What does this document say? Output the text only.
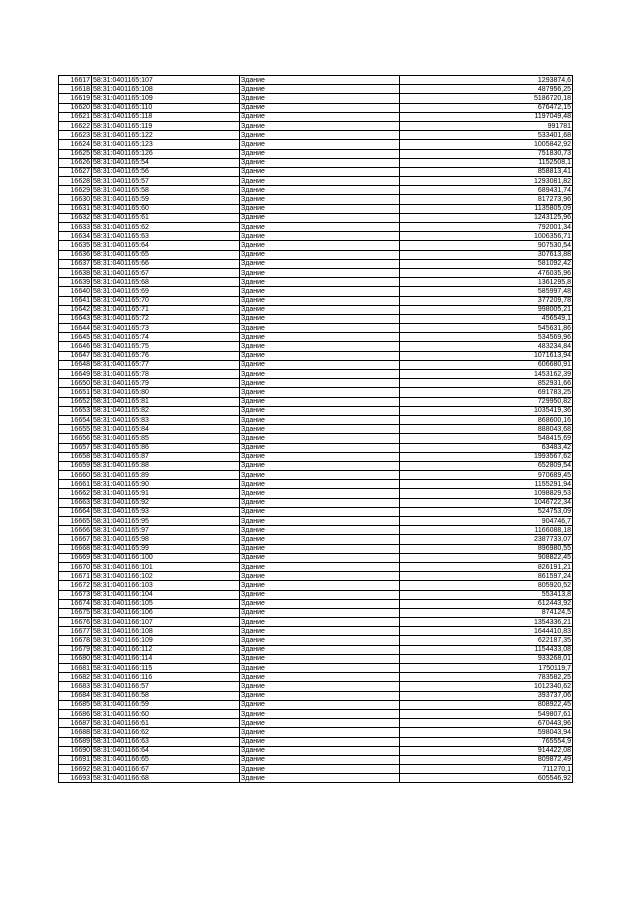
16617	58:31:0401165:107	Здание	1293874,6
16618	58:31:0401165:108	Здание	487956,25
16619	58:31:0401165:109	Здание	5186720,18
16620	58:31:0401165:110	Здание	676472,15
16621	58:31:0401165:118	Здание	1197049,48
16622	58:31:0401165:119	Здание	991781
16623	58:31:0401165:122	Здание	533401,68
16624	58:31:0401165:123	Здание	1005842,92
16625	58:31:0401165:126	Здание	751830,73
16626	58:31:0401165:54	Здание	1152508,1
16627	58:31:0401165:56	Здание	858813,41
16628	58:31:0401165:57	Здание	1293081,82
16629	58:31:0401165:58	Здание	689431,74
16630	58:31:0401165:59	Здание	817273,96
16631	58:31:0401165:60	Здание	1135805,09
16632	58:31:0401165:61	Здание	1243125,96
16633	58:31:0401165:62	Здание	792001,34
16634	58:31:0401165:63	Здание	1006356,71
16635	58:31:0401165:64	Здание	907530,54
16636	58:31:0401165:65	Здание	307613,88
16637	58:31:0401165:66	Здание	581092,42
16638	58:31:0401165:67	Здание	476035,96
16639	58:31:0401165:68	Здание	1361295,8
16640	58:31:0401165:69	Здание	585997,48
16641	58:31:0401165:70	Здание	377209,78
16642	58:31:0401165:71	Здание	998005,21
16643	58:31:0401165:72	Здание	456549,1
16644	58:31:0401165:73	Здание	545631,86
16645	58:31:0401165:74	Здание	534569,96
16646	58:31:0401165:75	Здание	483234,84
16647	58:31:0401165:76	Здание	1071613,94
16648	58:31:0401165:77	Здание	606680,91
16649	58:31:0401165:78	Здание	1453162,39
16650	58:31:0401165:79	Здание	852931,66
16651	58:31:0401165:80	Здание	691783,25
16652	58:31:0401165:81	Здание	729950,82
16653	58:31:0401165:82	Здание	1035419,36
16654	58:31:0401165:83	Здание	868600,16
16655	58:31:0401165:84	Здание	888043,68
16656	58:31:0401165:85	Здание	548415,69
16657	58:31:0401165:86	Здание	63483,42
16658	58:31:0401165:87	Здание	1993567,62
16659	58:31:0401165:88	Здание	652809,54
16660	58:31:0401165:89	Здание	970689,45
16661	58:31:0401165:90	Здание	1155291,94
16662	58:31:0401165:91	Здание	1098829,53
16663	58:31:0401165:92	Здание	1046722,34
16664	58:31:0401165:93	Здание	524753,09
16665	58:31:0401165:95	Здание	904746,7
16666	58:31:0401165:97	Здание	1166088,18
16667	58:31:0401165:98	Здание	2387733,07
16668	58:31:0401165:99	Здание	896980,55
16669	58:31:0401166:100	Здание	908822,45
16670	58:31:0401166:101	Здание	826191,21
16671	58:31:0401166:102	Здание	861597,24
16672	58:31:0401166:103	Здание	805920,52
16673	58:31:0401166:104	Здание	553413,8
16674	58:31:0401166:105	Здание	612443,92
16675	58:31:0401166:106	Здание	874124,5
16676	58:31:0401166:107	Здание	1354336,21
16677	58:31:0401166:108	Здание	1644410,83
16678	58:31:0401166:109	Здание	622187,35
16679	58:31:0401166:112	Здание	1154433,08
16680	58:31:0401166:114	Здание	933268,01
16681	58:31:0401166:115	Здание	1750119,7
16682	58:31:0401166:116	Здание	783582,25
16683	58:31:0401166:57	Здание	1012340,62
16684	58:31:0401166:58	Здание	393737,06
16685	58:31:0401166:59	Здание	808922,45
16686	58:31:0401166:60	Здание	549807,61
16687	58:31:0401166:61	Здание	670443,96
16688	58:31:0401166:62	Здание	598043,94
16689	58:31:0401166:63	Здание	765554,9
16690	58:31:0401166:64	Здание	914422,08
16691	58:31:0401166:65	Здание	809872,49
16692	58:31:0401166:67	Здание	711270,1
16693	58:31:0401166:68	Здание	605546,92
